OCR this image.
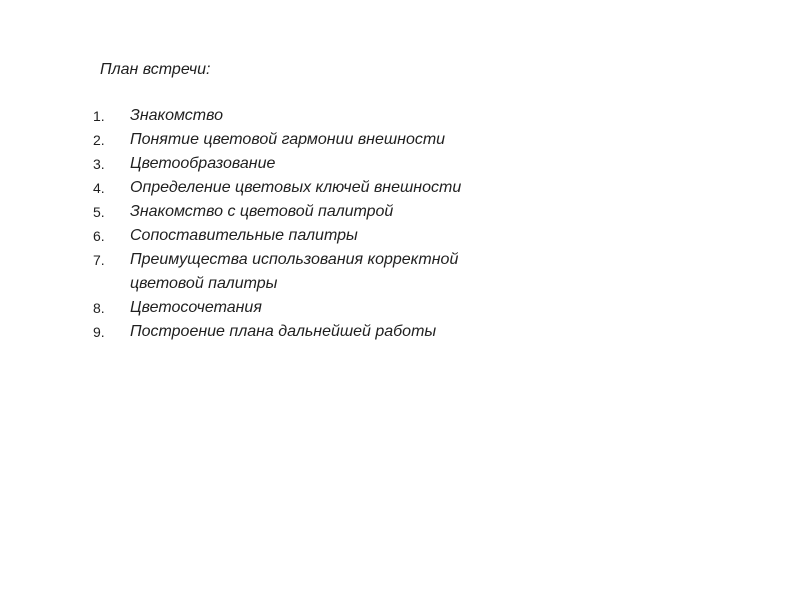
План встречи:
1.	Знакомство
2.	Понятие цветовой гармонии внешности
3.	Цветообразование
4.	Определение цветовых ключей внешности
5.	Знакомство с цветовой палитрой
6.	Сопоставительные палитры
7.	Преимущества использования корректной
цветовой палитры
8.	Цветосочетания
9.	Построение плана дальнейшей работы
